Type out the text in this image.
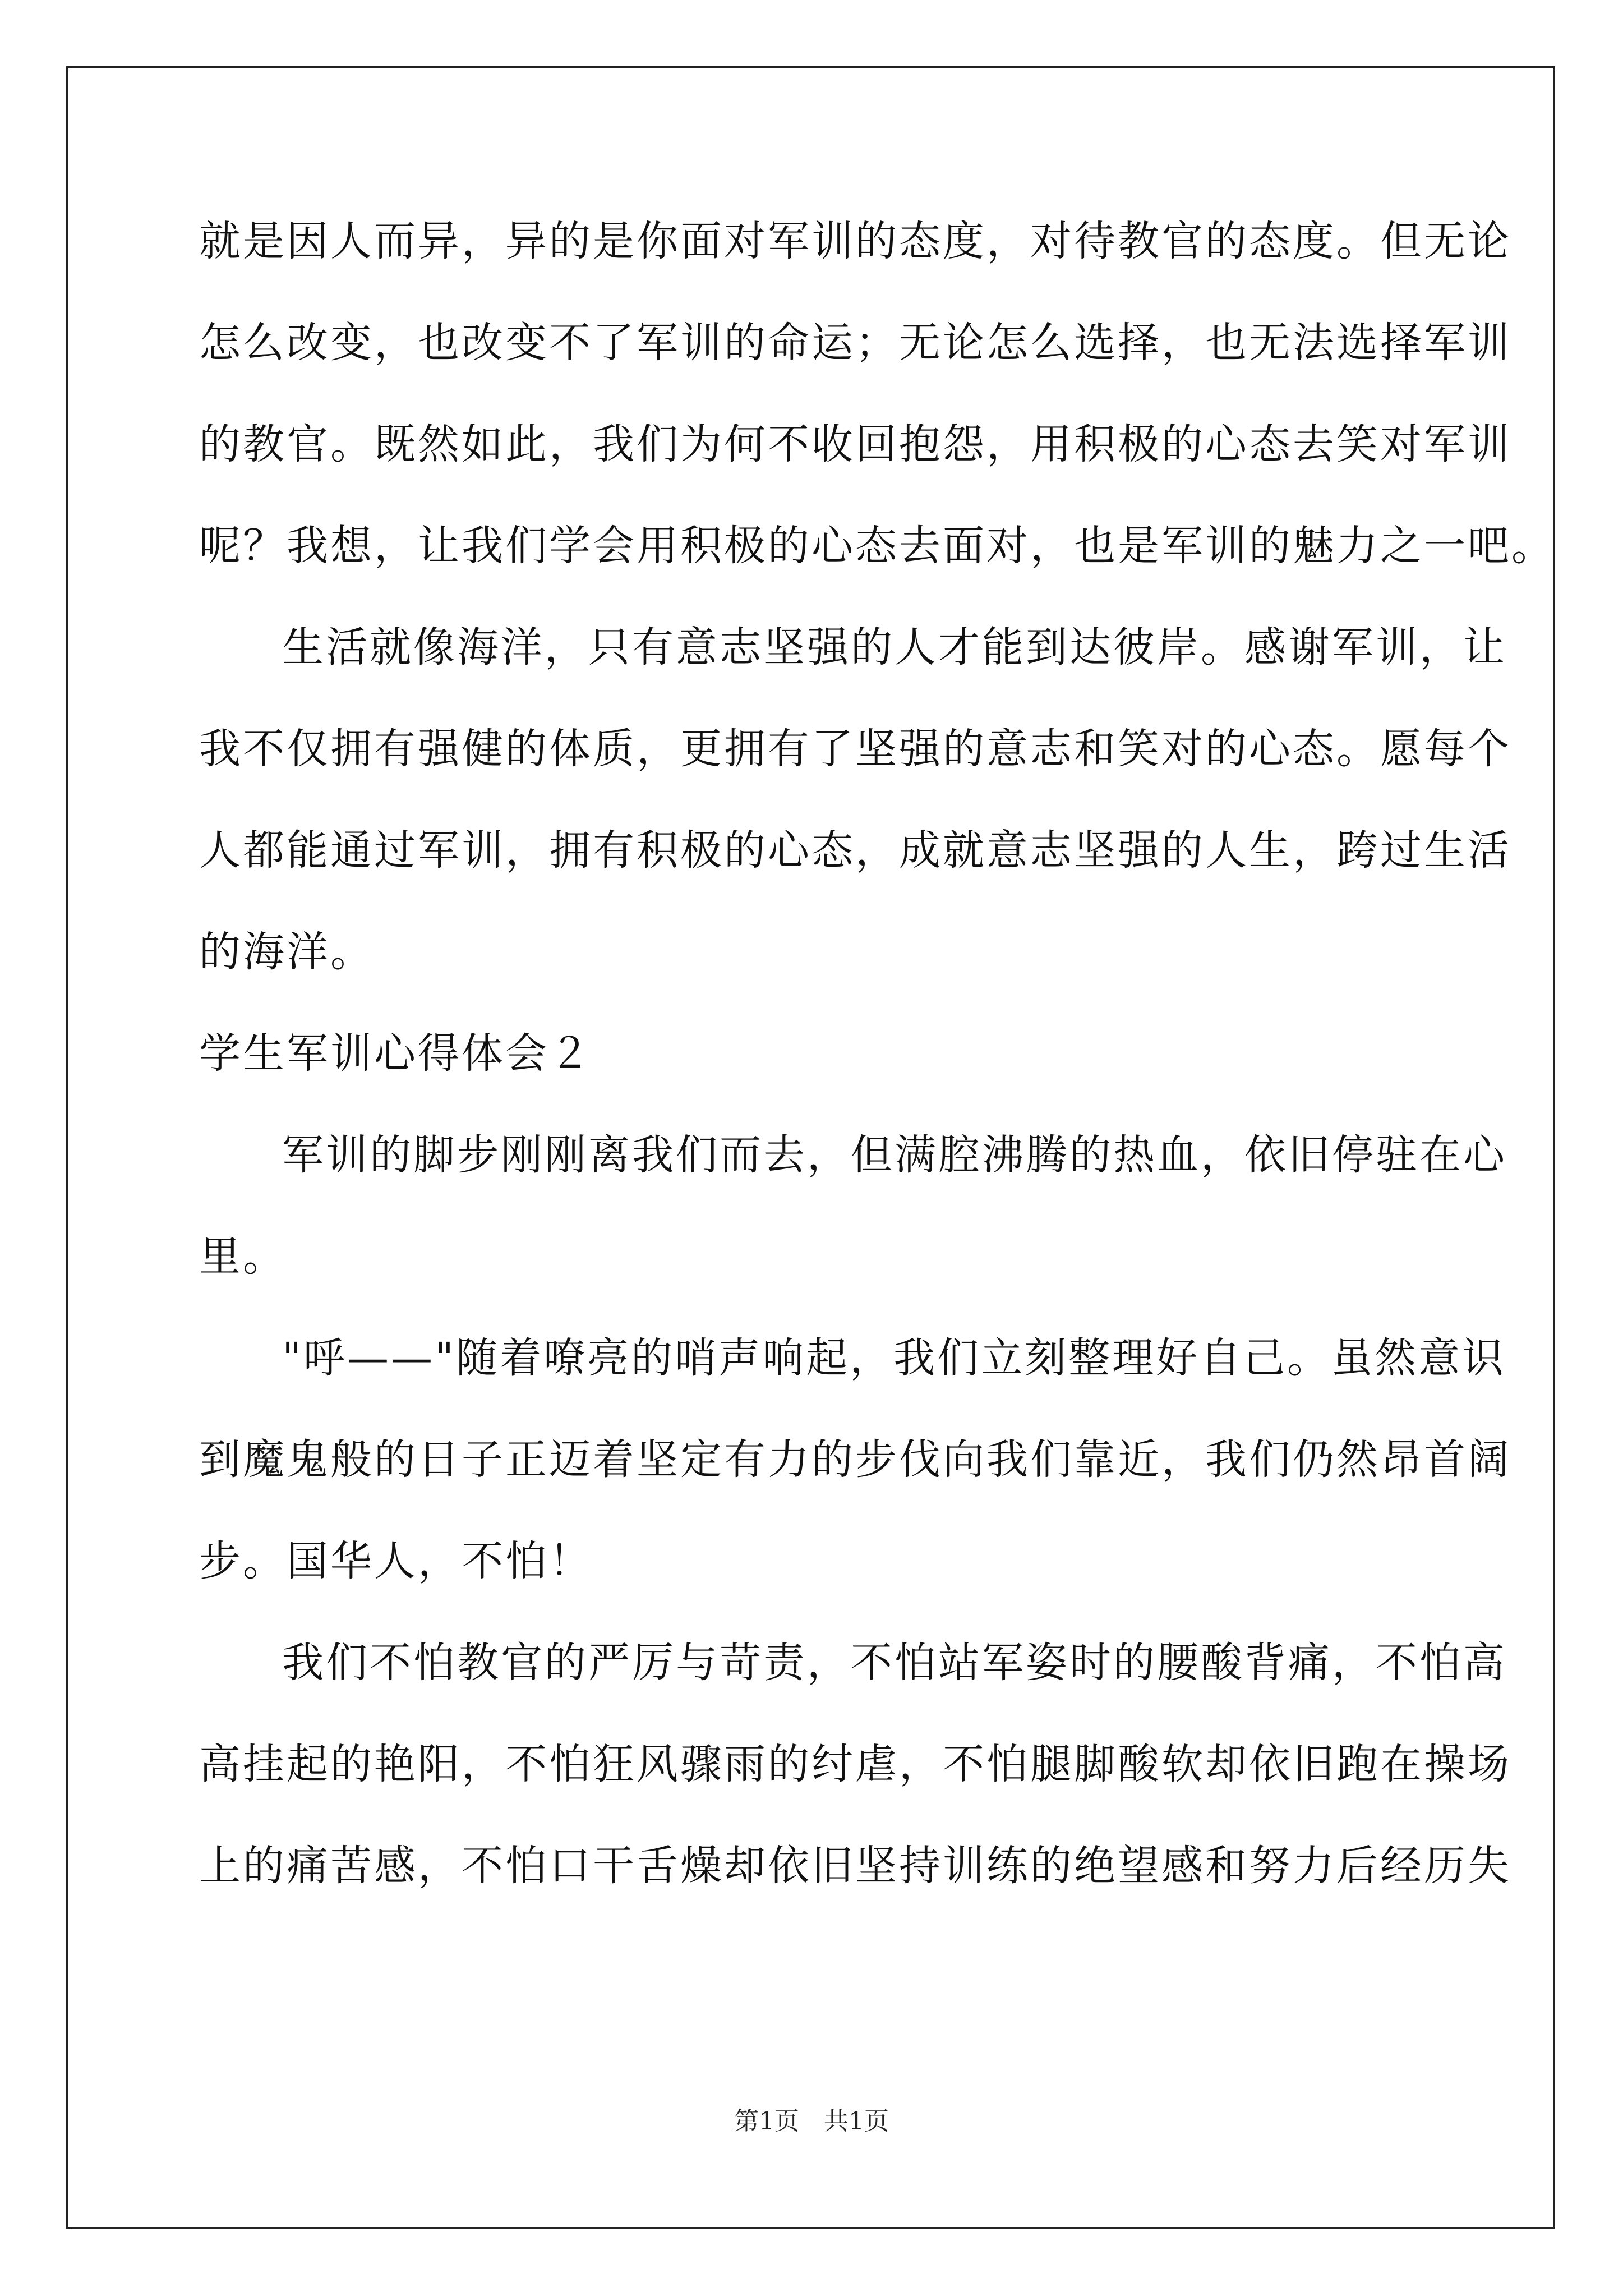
就是因人而异，异的是你面对军训的态度，对待教官的态度。但无论
怎么改变，也改变不了军训的命运；无论怎么选择，也无法选择军训
的教官。既然如此，我们为何不收回抱怨，用积极的心态去笑对军训
呢？我想，让我们学会用积极的心态去面对，也是军训的魅力之一吧。
生活就像海洋，只有意志坚强的人才能到达彼岸。感谢军训，让
我不仅拥有强健的体质，更拥有了坚强的意志和笑对的心态。愿每个
人都能通过军训，拥有积极的心态，成就意志坚强的人生，跨过生活
的海洋。
学生军训心得体会２
军训的脚步刚刚离我们而去，但满腔沸腾的热血，依旧停驻在心
里。
"呼——"随着嘹亮的哨声响起，我们立刻整理好自己。虽然意识
到魔鬼般的日子正迈着坚定有力的步伐向我们靠近，我们仍然昂首阔
步。国华人，不怕！
我们不怕教官的严厉与苛责，不怕站军姿时的腰酸背痛，不怕高
高挂起的艳阳，不怕狂风骤雨的纣虐，不怕腿脚酸软却依旧跑在操场
上的痛苦感，不怕口干舌燥却依旧坚持训练的绝望感和努力后经历失
第1页　共1页
